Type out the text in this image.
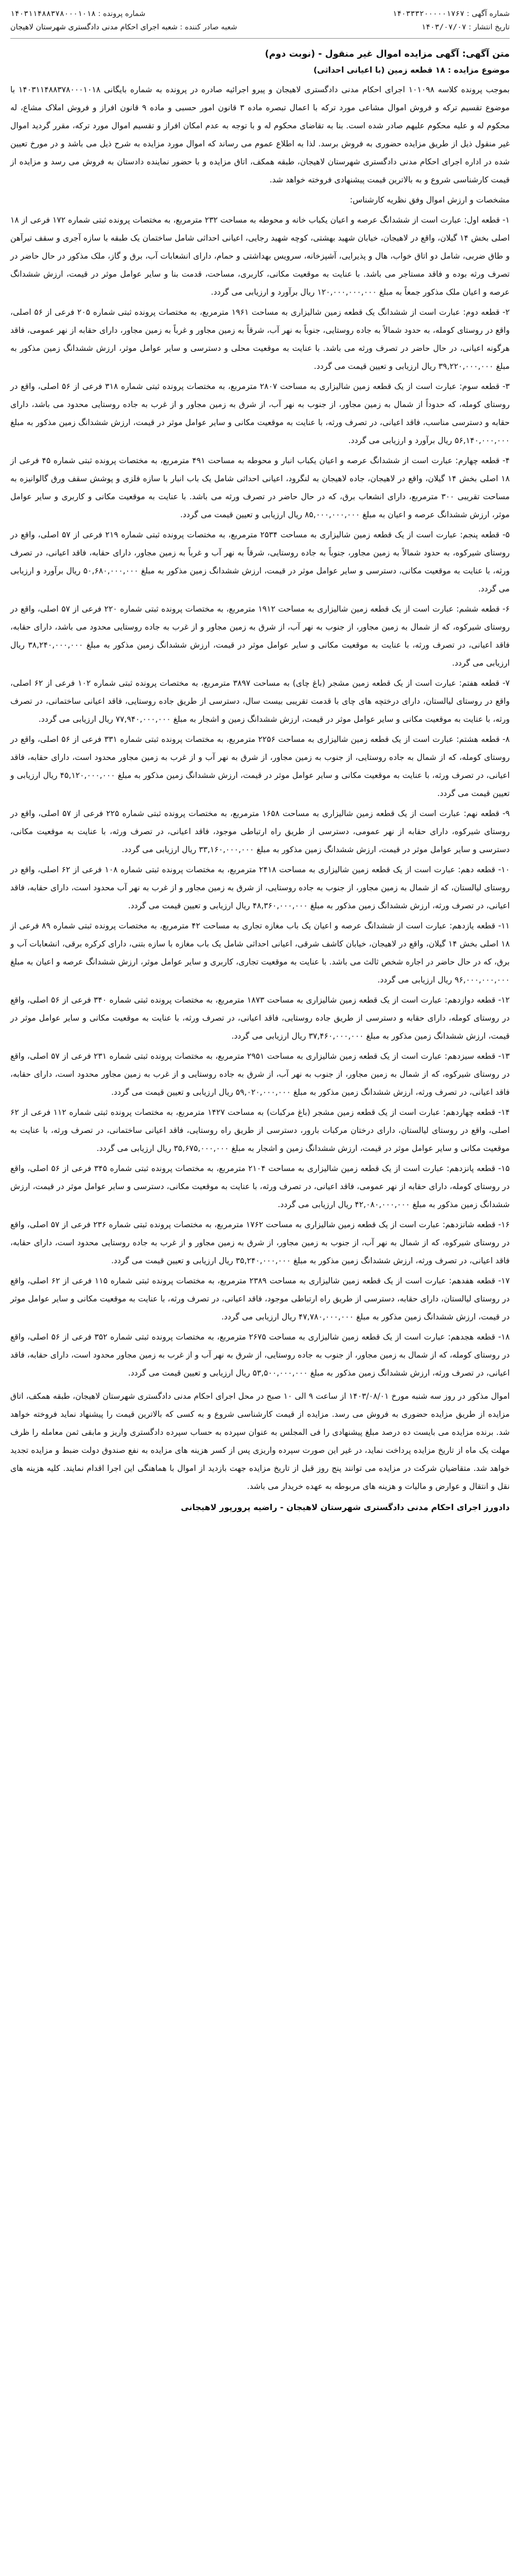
شماره آگهی : ۱۴۰۳۳۳۲۰۰۰۰۰۱۷۶۷
شماره پرونده : ۱۴۰۳۱۱۴۸۸۳۷۸۰۰۰۱۰۱۸
تاریخ انتشار : ۱۴۰۳/۰۷/۰۷
شعبه صادر کننده : شعبه اجرای احکام مدنی دادگستری شهرستان لاهیجان
متن آگهی: آگهی مزایده اموال غیر منقول - (نوبت دوم)
موضوع مزایده : ۱۸ قطعه زمین (با اعیانی احداثی)

بموجب پرونده کلاسه ۱۰۱۰۹۸ اجرای احکام مدنی دادگستری لاهیجان و پیرو اجرائیه صادره در پرونده به شماره بایگانی ۱۴۰۳۱۱۴۸۸۳۷۸۰۰۰۱۰۱۸ با موضوع تقسیم ترکه و فروش اموال مشاعی مورد ترکه با اعمال تبصره ماده ۳ قانون امور حسبی و ماده ۹ قانون افراز و فروش املاک مشاع، له محکوم له و علیه محکوم علیهم صادر شده است. بنا به تقاضای محکوم له و با توجه به عدم امکان افراز و تقسیم اموال مورد ترکه، مقرر گردید اموال غیر منقول ذیل از طریق مزایده حضوری به فروش برسد. لذا به اطلاع عموم می رساند که اموال مورد مزایده به شرح ذیل می باشد و در مورخ تعیین شده در اداره اجرای احکام مدنی دادگستری شهرستان لاهیجان، طبقه همکف، اتاق مزایده و با حضور نماینده دادستان به فروش می رسد و مزایده از قیمت کارشناسی شروع و به بالاترین قیمت پیشنهادی فروخته خواهد شد.

مشخصات و ارزش اموال وفق نظریه کارشناس:

۱- قطعه اول: عبارت است از ششدانگ عرصه و اعیان یکباب خانه و محوطه به مساحت ۲۳۲ مترمربع، به مختصات پرونده ثبتی شماره ۱۷۲ فرعی از ۱۸ اصلی بخش ۱۴ گیلان، واقع در لاهیجان، خیابان شهید بهشتی، کوچه شهید رجایی، اعیانی احداثی شامل ساختمان یک طبقه با سازه آجری و سقف تیرآهن و طاق ضربی، شامل دو اتاق خواب، هال و پذیرایی، آشپزخانه، سرویس بهداشتی و حمام، دارای انشعابات آب، برق و گاز، ملک مذکور در حال حاضر در تصرف ورثه بوده و فاقد مستاجر می باشد. با عنایت به موقعیت مکانی، کاربری، مساحت، قدمت بنا و سایر عوامل موثر در قیمت، ارزش ششدانگ عرصه و اعیان ملک مذکور جمعاً به مبلغ ۱۲۰,۰۰۰,۰۰۰,۰۰۰ ریال برآورد و ارزیابی می گردد.

۲- قطعه دوم: عبارت است از ششدانگ یک قطعه زمین شالیزاری به مساحت ۱۹۶۱ مترمربع، به مختصات پرونده ثبتی شماره ۲۰۵ فرعی از ۵۶ اصلی، واقع در روستای کومله، به حدود شمالاً به جاده روستایی، جنوباً به نهر آب، شرقاً به زمین مجاور و غرباً به زمین مجاور، دارای حقابه از نهر عمومی، فاقد هرگونه اعیانی، در حال حاضر در تصرف ورثه می باشد. با عنایت به موقعیت محلی و دسترسی و سایر عوامل موثر، ارزش ششدانگ زمین مذکور به مبلغ ۳۹,۲۲۰,۰۰۰,۰۰۰ ریال ارزیابی و تعیین قیمت می گردد.

۳- قطعه سوم: عبارت است از یک قطعه زمین شالیزاری به مساحت ۲۸۰۷ مترمربع، به مختصات پرونده ثبتی شماره ۳۱۸ فرعی از ۵۶ اصلی، واقع در روستای کومله، که حدوداً از شمال به زمین مجاور، از جنوب به نهر آب، از شرق به زمین مجاور و از غرب به جاده روستایی محدود می باشد، دارای حقابه و دسترسی مناسب، فاقد اعیانی، در تصرف ورثه، با عنایت به موقعیت مکانی و سایر عوامل موثر در قیمت، ارزش ششدانگ زمین مذکور به مبلغ ۵۶,۱۴۰,۰۰۰,۰۰۰ ریال برآورد و ارزیابی می گردد.

۴- قطعه چهارم: عبارت است از ششدانگ عرصه و اعیان یکباب انبار و محوطه به مساحت ۴۹۱ مترمربع، به مختصات پرونده ثبتی شماره ۴۵ فرعی از ۱۸ اصلی بخش ۱۴ گیلان، واقع در لاهیجان، جاده لاهیجان به لنگرود، اعیانی احداثی شامل یک باب انبار با سازه فلزی و پوشش سقف ورق گالوانیزه به مساحت تقریبی ۳۰۰ مترمربع، دارای انشعاب برق، که در حال حاضر در تصرف ورثه می باشد. با عنایت به موقعیت مکانی و کاربری و سایر عوامل موثر، ارزش ششدانگ عرصه و اعیان به مبلغ ۸۵,۰۰۰,۰۰۰,۰۰۰ ریال ارزیابی و تعیین قیمت می گردد.

۵- قطعه پنجم: عبارت است از یک قطعه زمین شالیزاری به مساحت ۲۵۳۴ مترمربع، به مختصات پرونده ثبتی شماره ۲۱۹ فرعی از ۵۷ اصلی، واقع در روستای شیرکوه، به حدود شمالاً به زمین مجاور، جنوباً به جاده روستایی، شرقاً به نهر آب و غرباً به زمین مجاور، دارای حقابه، فاقد اعیانی، در تصرف ورثه، با عنایت به موقعیت مکانی، دسترسی و سایر عوامل موثر در قیمت، ارزش ششدانگ زمین مذکور به مبلغ ۵۰,۶۸۰,۰۰۰,۰۰۰ ریال برآورد و ارزیابی می گردد.

۶- قطعه ششم: عبارت است از یک قطعه زمین شالیزاری به مساحت ۱۹۱۲ مترمربع، به مختصات پرونده ثبتی شماره ۲۲۰ فرعی از ۵۷ اصلی، واقع در روستای شیرکوه، که از شمال به زمین مجاور، از جنوب به نهر آب، از شرق به زمین مجاور و از غرب به جاده روستایی محدود می باشد، دارای حقابه، فاقد اعیانی، در تصرف ورثه، با عنایت به موقعیت مکانی و سایر عوامل موثر در قیمت، ارزش ششدانگ زمین مذکور به مبلغ ۳۸,۲۴۰,۰۰۰,۰۰۰ ریال ارزیابی می گردد.

۷- قطعه هفتم: عبارت است از یک قطعه زمین مشجر (باغ چای) به مساحت ۳۸۹۷ مترمربع، به مختصات پرونده ثبتی شماره ۱۰۲ فرعی از ۶۲ اصلی، واقع در روستای لیالستان، دارای درختچه های چای با قدمت تقریبی بیست سال، دسترسی از طریق جاده روستایی، فاقد اعیانی ساختمانی، در تصرف ورثه، با عنایت به موقعیت مکانی و سایر عوامل موثر در قیمت، ارزش ششدانگ زمین و اشجار به مبلغ ۷۷,۹۴۰,۰۰۰,۰۰۰ ریال ارزیابی می گردد.

۸- قطعه هشتم: عبارت است از یک قطعه زمین شالیزاری به مساحت ۲۲۵۶ مترمربع، به مختصات پرونده ثبتی شماره ۳۳۱ فرعی از ۵۶ اصلی، واقع در روستای کومله، که از شمال به جاده روستایی، از جنوب به زمین مجاور، از شرق به نهر آب و از غرب به زمین مجاور محدود است، دارای حقابه، فاقد اعیانی، در تصرف ورثه، با عنایت به موقعیت مکانی و سایر عوامل موثر در قیمت، ارزش ششدانگ زمین مذکور به مبلغ ۴۵,۱۲۰,۰۰۰,۰۰۰ ریال ارزیابی و تعیین قیمت می گردد.

۹- قطعه نهم: عبارت است از یک قطعه زمین شالیزاری به مساحت ۱۶۵۸ مترمربع، به مختصات پرونده ثبتی شماره ۲۲۵ فرعی از ۵۷ اصلی، واقع در روستای شیرکوه، دارای حقابه از نهر عمومی، دسترسی از طریق راه ارتباطی موجود، فاقد اعیانی، در تصرف ورثه، با عنایت به موقعیت مکانی، دسترسی و سایر عوامل موثر در قیمت، ارزش ششدانگ زمین مذکور به مبلغ ۳۳,۱۶۰,۰۰۰,۰۰۰ ریال ارزیابی می گردد.

۱۰- قطعه دهم: عبارت است از یک قطعه زمین شالیزاری به مساحت ۲۴۱۸ مترمربع، به مختصات پرونده ثبتی شماره ۱۰۸ فرعی از ۶۲ اصلی، واقع در روستای لیالستان، که از شمال به زمین مجاور، از جنوب به جاده روستایی، از شرق به زمین مجاور و از غرب به نهر آب محدود است، دارای حقابه، فاقد اعیانی، در تصرف ورثه، ارزش ششدانگ زمین مذکور به مبلغ ۴۸,۳۶۰,۰۰۰,۰۰۰ ریال ارزیابی و تعیین قیمت می گردد.

۱۱- قطعه یازدهم: عبارت است از ششدانگ عرصه و اعیان یک باب مغازه تجاری به مساحت ۴۲ مترمربع، به مختصات پرونده ثبتی شماره ۸۹ فرعی از ۱۸ اصلی بخش ۱۴ گیلان، واقع در لاهیجان، خیابان کاشف شرقی، اعیانی احداثی شامل یک باب مغازه با سازه بتنی، دارای کرکره برقی، انشعابات آب و برق، که در حال حاضر در اجاره شخص ثالث می باشد. با عنایت به موقعیت تجاری، کاربری و سایر عوامل موثر، ارزش ششدانگ عرصه و اعیان به مبلغ ۹۶,۰۰۰,۰۰۰,۰۰۰ ریال ارزیابی می گردد.

۱۲- قطعه دوازدهم: عبارت است از یک قطعه زمین شالیزاری به مساحت ۱۸۷۳ مترمربع، به مختصات پرونده ثبتی شماره ۳۴۰ فرعی از ۵۶ اصلی، واقع در روستای کومله، دارای حقابه و دسترسی از طریق جاده روستایی، فاقد اعیانی، در تصرف ورثه، با عنایت به موقعیت مکانی و سایر عوامل موثر در قیمت، ارزش ششدانگ زمین مذکور به مبلغ ۳۷,۴۶۰,۰۰۰,۰۰۰ ریال ارزیابی می گردد.

۱۳- قطعه سیزدهم: عبارت است از یک قطعه زمین شالیزاری به مساحت ۲۹۵۱ مترمربع، به مختصات پرونده ثبتی شماره ۲۳۱ فرعی از ۵۷ اصلی، واقع در روستای شیرکوه، که از شمال به زمین مجاور، از جنوب به نهر آب، از شرق به جاده روستایی و از غرب به زمین مجاور محدود است، دارای حقابه، فاقد اعیانی، در تصرف ورثه، ارزش ششدانگ زمین مذکور به مبلغ ۵۹,۰۲۰,۰۰۰,۰۰۰ ریال ارزیابی و تعیین قیمت می گردد.

۱۴- قطعه چهاردهم: عبارت است از یک قطعه زمین مشجر (باغ مرکبات) به مساحت ۱۴۲۷ مترمربع، به مختصات پرونده ثبتی شماره ۱۱۲ فرعی از ۶۲ اصلی، واقع در روستای لیالستان، دارای درختان مرکبات بارور، دسترسی از طریق راه روستایی، فاقد اعیانی ساختمانی، در تصرف ورثه، با عنایت به موقعیت مکانی و سایر عوامل موثر در قیمت، ارزش ششدانگ زمین و اشجار به مبلغ ۳۵,۶۷۵,۰۰۰,۰۰۰ ریال ارزیابی می گردد.

۱۵- قطعه پانزدهم: عبارت است از یک قطعه زمین شالیزاری به مساحت ۲۱۰۴ مترمربع، به مختصات پرونده ثبتی شماره ۳۴۵ فرعی از ۵۶ اصلی، واقع در روستای کومله، دارای حقابه از نهر عمومی، فاقد اعیانی، در تصرف ورثه، با عنایت به موقعیت مکانی، دسترسی و سایر عوامل موثر در قیمت، ارزش ششدانگ زمین مذکور به مبلغ ۴۲,۰۸۰,۰۰۰,۰۰۰ ریال ارزیابی می گردد.

۱۶- قطعه شانزدهم: عبارت است از یک قطعه زمین شالیزاری به مساحت ۱۷۶۲ مترمربع، به مختصات پرونده ثبتی شماره ۲۳۶ فرعی از ۵۷ اصلی، واقع در روستای شیرکوه، که از شمال به نهر آب، از جنوب به زمین مجاور، از شرق به زمین مجاور و از غرب به جاده روستایی محدود است، دارای حقابه، فاقد اعیانی، در تصرف ورثه، ارزش ششدانگ زمین مذکور به مبلغ ۳۵,۲۴۰,۰۰۰,۰۰۰ ریال ارزیابی و تعیین قیمت می گردد.

۱۷- قطعه هفدهم: عبارت است از یک قطعه زمین شالیزاری به مساحت ۲۳۸۹ مترمربع، به مختصات پرونده ثبتی شماره ۱۱۵ فرعی از ۶۲ اصلی، واقع در روستای لیالستان، دارای حقابه، دسترسی از طریق راه ارتباطی موجود، فاقد اعیانی، در تصرف ورثه، با عنایت به موقعیت مکانی و سایر عوامل موثر در قیمت، ارزش ششدانگ زمین مذکور به مبلغ ۴۷,۷۸۰,۰۰۰,۰۰۰ ریال ارزیابی می گردد.

۱۸- قطعه هجدهم: عبارت است از یک قطعه زمین شالیزاری به مساحت ۲۶۷۵ مترمربع، به مختصات پرونده ثبتی شماره ۳۵۲ فرعی از ۵۶ اصلی، واقع در روستای کومله، که از شمال به زمین مجاور، از جنوب به جاده روستایی، از شرق به نهر آب و از غرب به زمین مجاور محدود است، دارای حقابه، فاقد اعیانی، در تصرف ورثه، ارزش ششدانگ زمین مذکور به مبلغ ۵۳,۵۰۰,۰۰۰,۰۰۰ ریال ارزیابی و تعیین قیمت می گردد.

اموال مذکور در روز سه شنبه مورخ ۱۴۰۳/۰۸/۰۱ از ساعت ۹ الی ۱۰ صبح در محل اجرای احکام مدنی دادگستری شهرستان لاهیجان، طبقه همکف، اتاق مزایده از طریق مزایده حضوری به فروش می رسد. مزایده از قیمت کارشناسی شروع و به کسی که بالاترین قیمت را پیشنهاد نماید فروخته خواهد شد. برنده مزایده می بایست ده درصد مبلغ پیشنهادی را فی المجلس به عنوان سپرده به حساب سپرده دادگستری واریز و مابقی ثمن معامله را ظرف مهلت یک ماه از تاریخ مزایده پرداخت نماید، در غیر این صورت سپرده واریزی پس از کسر هزینه های مزایده به نفع صندوق دولت ضبط و مزایده تجدید خواهد شد. متقاضیان شرکت در مزایده می توانند پنج روز قبل از تاریخ مزایده جهت بازدید از اموال با هماهنگی این اجرا اقدام نمایند. کلیه هزینه های نقل و انتقال و عوارض و مالیات و هزینه های مربوطه به عهده خریدار می باشد.

دادورز اجرای احکام مدنی دادگستری شهرستان لاهیجان - راضیه پرورپور لاهیجانی
